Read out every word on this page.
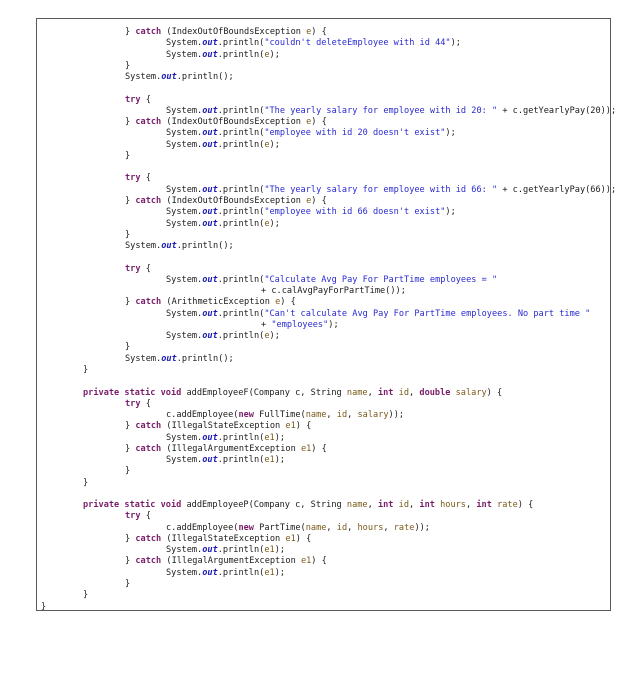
} catch (IndexOutOfBoundsException e) {
System.out.println("couldn't deleteEmployee with id 44");
System.out.println(e);
}
System.out.println();
try {
System.out.println("The yearly salary for employee with id 20: " + c.getYearlyPay(20));
} catch (IndexOutOfBoundsException e) {
System.out.println("employee with id 20 doesn't exist");
System.out.println(e);
}
try {
System.out.println("The yearly salary for employee with id 66: " + c.getYearlyPay(66));
} catch (IndexOutOfBoundsException e) {
System.out.println("employee with id 66 doesn't exist");
System.out.println(e);
}
System.out.println();
try {
System.out.println("Calculate Avg Pay For PartTime employees = "
+ c.calAvgPayForPartTime());
} catch (ArithmeticException e) {
System.out.println("Can't calculate Avg Pay For PartTime employees. No part time "
+ "employees");
System.out.println(e);
}
System.out.println();
}
private static void addEmployeeF(Company c, String name, int id, double salary) {
try {
c.addEmployee(new FullTime(name, id, salary));
} catch (IllegalStateException e1) {
System.out.println(e1);
} catch (IllegalArgumentException e1) {
System.out.println(e1);
}
}
private static void addEmployeeP(Company c, String name, int id, int hours, int rate) {
try {
c.addEmployee(new PartTime(name, id, hours, rate));
} catch (IllegalStateException e1) {
System.out.println(e1);
} catch (IllegalArgumentException e1) {
System.out.println(e1);
}
}
}
